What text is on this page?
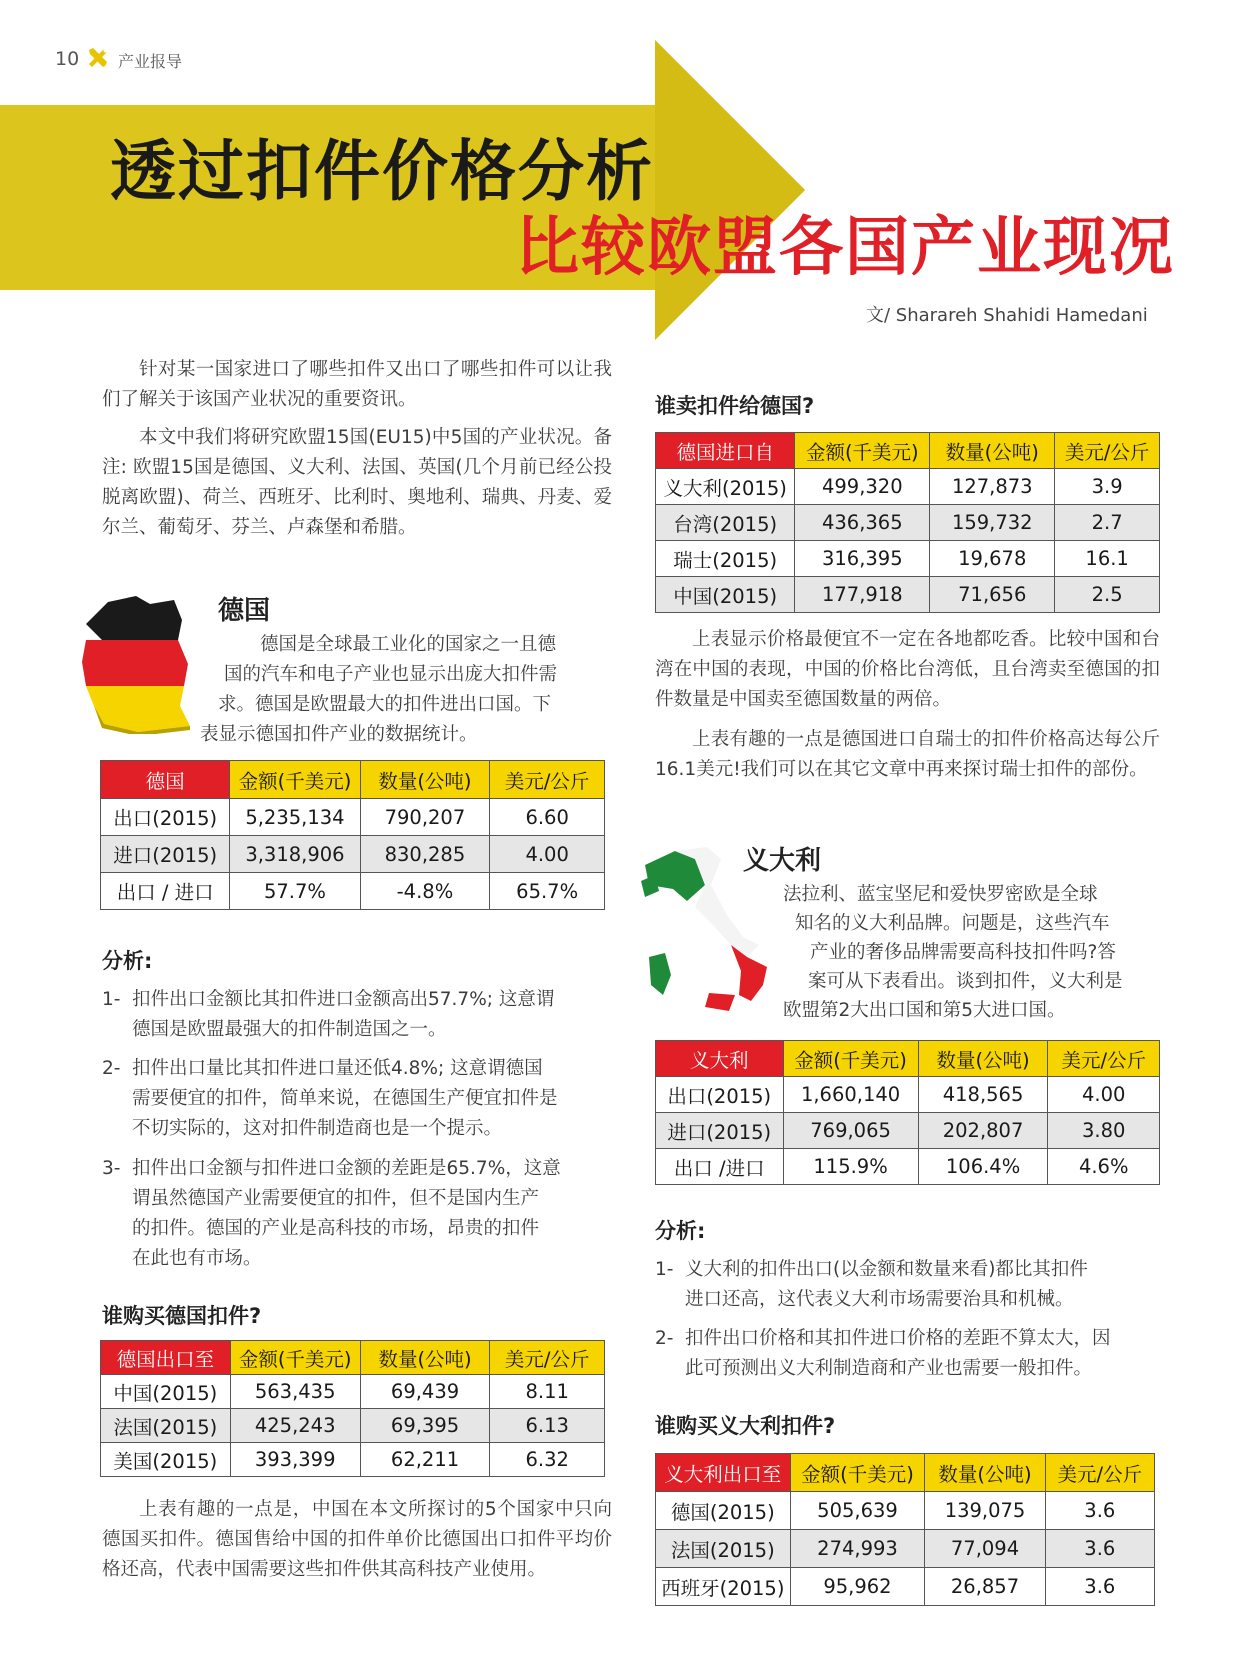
10 产业报导
透过扣件价格分析
比较欧盟各国产业现况
文/ Sharareh Shahidi Hamedani

针对某一国家进口了哪些扣件又出口了哪些扣件可以让我们了解关于该国产业状况的重要资讯。

本文中我们将研究欧盟15国(EU15)中5国的产业状况。备注: 欧盟15国是德国、义大利、法国、英国(几个月前已经公投脱离欧盟)、荷兰、西班牙、比利时、奥地利、瑞典、丹麦、爱尔兰、葡萄牙、芬兰、卢森堡和希腊。

德国
德国是全球最工业化的国家之一且德
国的汽车和电子产业也显示出庞大扣件需
求。德国是欧盟最大的扣件进出口国。下
表显示德国扣件产业的数据统计。
德国	金额(千美元)	数量(公吨)	美元/公斤
出口(2015)	5,235,134	790,207	6.60
进口(2015)	3,318,906	830,285	4.00
出口 / 进口	57.7%	-4.8%	65.7%
分析:
1- 扣件出口金额比其扣件进口金额高出57.7%; 这意谓
德国是欧盟最强大的扣件制造国之一。
2- 扣件出口量比其扣件进口量还低4.8%; 这意谓德国
需要便宜的扣件，简单来说，在德国生产便宜扣件是
不切实际的，这对扣件制造商也是一个提示。
3- 扣件出口金额与扣件进口金额的差距是65.7%，这意
谓虽然德国产业需要便宜的扣件，但不是国内生产
的扣件。德国的产业是高科技的市场，昂贵的扣件
在此也有市场。
谁购买德国扣件?
德国出口至	金额(千美元)	数量(公吨)	美元/公斤
中国(2015)	563,435	69,439	8.11
法国(2015)	425,243	69,395	6.13
美国(2015)	393,399	62,211	6.32

上表有趣的一点是，中国在本文所探讨的5个国家中只向德国买扣件。德国售给中国的扣件单价比德国出口扣件平均价格还高，代表中国需要这些扣件供其高科技产业使用。

谁卖扣件给德国?
德国进口自	金额(千美元)	数量(公吨)	美元/公斤
义大利(2015)	499,320	127,873	3.9
台湾(2015)	436,365	159,732	2.7
瑞士(2015)	316,395	19,678	16.1
中国(2015)	177,918	71,656	2.5

上表显示价格最便宜不一定在各地都吃香。比较中国和台湾在中国的表现，中国的价格比台湾低，且台湾卖至德国的扣件数量是中国卖至德国数量的两倍。

上表有趣的一点是德国进口自瑞士的扣件价格高达每公斤16.1美元!我们可以在其它文章中再来探讨瑞士扣件的部份。

义大利
法拉利、蓝宝坚尼和爱快罗密欧是全球
知名的义大利品牌。问题是，这些汽车
产业的奢侈品牌需要高科技扣件吗?答
案可从下表看出。谈到扣件，义大利是
欧盟第2大出口国和第5大进口国。
义大利	金额(千美元)	数量(公吨)	美元/公斤
出口(2015)	1,660,140	418,565	4.00
进口(2015)	769,065	202,807	3.80
出口 /进口	115.9%	106.4%	4.6%
分析:
1- 义大利的扣件出口(以金额和数量来看)都比其扣件
进口还高，这代表义大利市场需要治具和机械。
2- 扣件出口价格和其扣件进口价格的差距不算太大，因
此可预测出义大利制造商和产业也需要一般扣件。
谁购买义大利扣件?
义大利出口至	金额(千美元)	数量(公吨)	美元/公斤
德国(2015)	505,639	139,075	3.6
法国(2015)	274,993	77,094	3.6
西班牙(2015)	95,962	26,857	3.6
